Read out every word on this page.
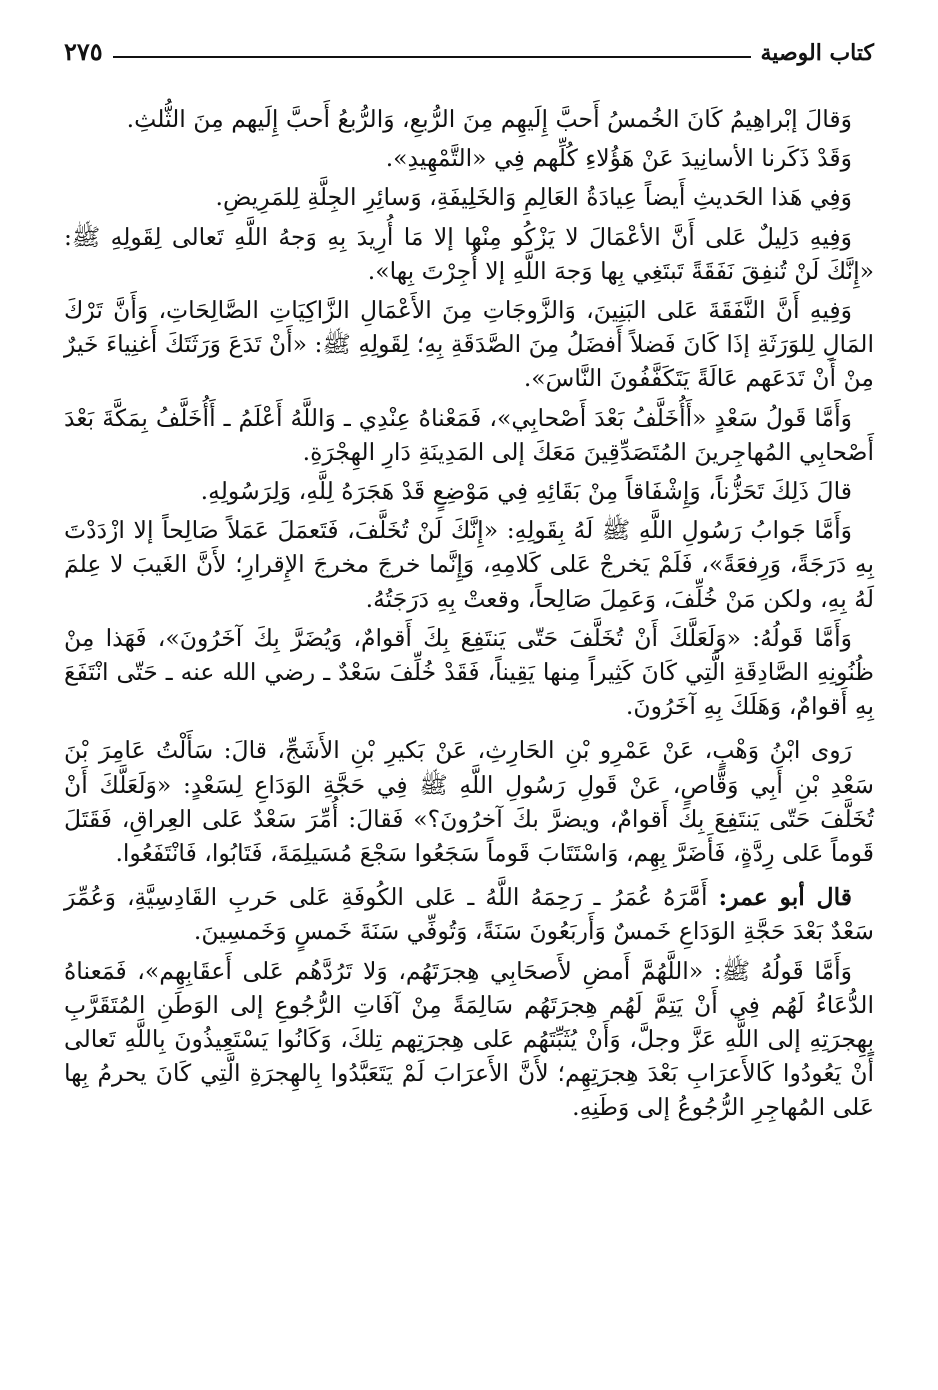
كتاب الوصية
٢٧٥

وَقالَ إبْراهِيمُ كَانَ الخُمسُ أَحبَّ إِلَيهِم مِنَ الرُّبعِ، وَالرُّبعُ أَحبَّ إِلَيهم مِنَ الثُّلثِ.

وَقَدْ ذَكَرنا الأسانِيدَ عَنْ هَؤُلاءِ كُلِّهم فِي «التَّمْهِيدِ».

وَفِي هَذا الحَديثِ أَيضاً عِيادَةُ العَالِمِ وَالخَلِيفَةِ، وَسائِرِ الجِلَّةِ لِلمَرِيضِ.

وَفِيهِ دَلِيلٌ عَلى أَنَّ الأعْمَالَ لا يَزْكُو مِنْها إلا مَا أُرِيدَ بِهِ وَجهُ اللَّهِ تَعالى لِقَولِهِ ﷺ: «إِنَّكَ لَنْ تُنفِقَ نَفَقَةً تَبتَغِي بِها وَجهَ اللَّهِ إلا أُجِرْتَ بِها».

وَفِيهِ أَنَّ النَّفَقَةَ عَلى البَنِينَ، وَالزَّوجَاتِ مِنَ الأَعْمَالِ الزَّاكِيَاتِ الصَّالِحَاتِ، وَأَنَّ تَرْكَ المَالِ لِلوَرَثَةِ إذَا كَانَ فَضلاً أَفضَلُ مِنَ الصَّدَقَةِ بِهِ؛ لِقَولِهِ ﷺ: «أَنْ تَدَعَ وَرَثَتَكَ أَغنِياءَ خَيرٌ مِنْ أَنْ تَدَعَهم عَالَةً يَتَكَفَّفُونَ النَّاسَ».

وَأَمَّا قَولُ سَعْدٍ «أَأُخَلَّفُ بَعْدَ أَصْحابِي»، فَمَعْناهُ عِنْدِي ـ وَاللَّهُ أَعْلَمُ ـ أَأُخَلَّفُ بِمَكَّةَ بَعْدَ أَصْحابِي المُهاجِرينَ المُتَصَدِّقِينَ مَعَكَ إلى المَدِينَةِ دَارِ الهِجْرَةِ.

قالَ ذَلِكَ تَحَزُّناً، وَإِشْفَاقاً مِنْ بَقَائِهِ فِي مَوْضِعٍ قَدْ هَجَرَهُ لِلَّهِ، وَلِرَسُولِهِ.

وَأَمَّا جَوابُ رَسُولِ اللَّهِ ﷺ لَهُ بِقَولِهِ: «إِنَّكَ لَنْ تُخَلَّفَ، فَتَعمَلَ عَمَلاً صَالِحاً إلا ازْدَدْتَ بِهِ دَرَجَةً، وَرِفعَةً»، فَلَمْ يَخرجْ عَلى كَلامِهِ، وَإِنَّما خرجَ مخرجَ الإِقرارِ؛ لأَنَّ الغَيبَ لا عِلمَ لَهُ بِهِ، ولكن مَنْ خُلِّفَ، وَعَمِلَ صَالِحاً، وقعتْ بِهِ دَرَجَتُهُ.

وَأَمَّا قَولُهُ: «وَلَعَلَّكَ أَنْ تُخَلَّفَ حَتّى يَنتَفِعَ بِكَ أَقوامٌ، وَيُضَرَّ بِكَ آخَرُونَ»، فَهَذا مِنْ ظُنُونِهِ الصَّادِقَةِ الَّتِي كَانَ كَثِيراً مِنها يَقِيناً، فَقَدْ خُلِّفَ سَعْدٌ ـ رضي الله عنه ـ حَتّى انْتَفَعَ بِهِ أَقوامٌ، وَهَلَكَ بِهِ آخَرُونَ.

رَوى ابْنُ وَهْبٍ، عَنْ عَمْرِو بْنِ الحَارِثِ، عَنْ بَكيرِ بْنِ الأَشَجِّ، قالَ: سَأَلْتُ عَامِرَ بْنَ سَعْدِ بْنِ أَبِي وَقَّاصٍ، عَنْ قَولِ رَسُولِ اللَّهِ ﷺ فِي حَجَّةِ الوَدَاعِ لِسَعْدٍ: «وَلَعَلَّكَ أَنْ تُخَلَّفَ حَتّى يَنتَفِعَ بِكَ أَقوامٌ، ويضرَّ بكَ آخرُونَ؟» فَقالَ: أُمِّرَ سَعْدٌ عَلى العِراقِ، فَقَتَلَ قَوماً عَلى رِدَّةٍ، فَأَضَرَّ بِهِم، وَاسْتَتَابَ قَوماً سَجَعُوا سَجْعَ مُسَيلِمَةَ، فَتَابُوا، فَانْتَفَعُوا.

قال أبو عمر: أَمَّرَهُ عُمَرُ ـ رَحِمَهُ اللَّهُ ـ عَلى الكُوفَةِ عَلى حَربِ القَادِسِيَّةِ، وَعُمِّرَ سَعْدٌ بَعْدَ حَجَّةِ الوَدَاعِ خَمسٌ وَأَربَعُونَ سَنَةً، وَتُوفِّي سَنَةَ خَمسٍ وَخَمسِينَ.

وَأَمَّا قَولُهُ ﷺ: «اللَّهُمَّ أَمضِ لأَصحَابِي هِجرَتَهُم، وَلا تَرُدَّهُم عَلى أَعقَابِهِم»، فَمَعناهُ الدُّعَاءُ لَهُم فِي أَنْ يَتِمَّ لَهُم هِجرَتَهُم سَالِمَةً مِنْ آفَاتِ الرُّجُوعِ إلى الوَطَنِ المُتَقَرَّبِ بِهِجرَتِهِ إلى اللَّهِ عَزَّ وجلَّ، وَأَنْ يُثَبِّتَهُم عَلى هِجرَتِهم تِلكَ، وَكَانُوا يَسْتَعِيذُونَ بِاللَّهِ تَعالى أَنْ يَعُودُوا كَالأَعرَابِ بَعْدَ هِجرَتِهِم؛ لأَنَّ الأَعرَابَ لَمْ يَتَعَبَّدُوا بِالهِجرَةِ الَّتِي كَانَ يحرمُ بِها عَلى المُهاجِرِ الرُّجُوعُ إلى وَطَنِهِ.
